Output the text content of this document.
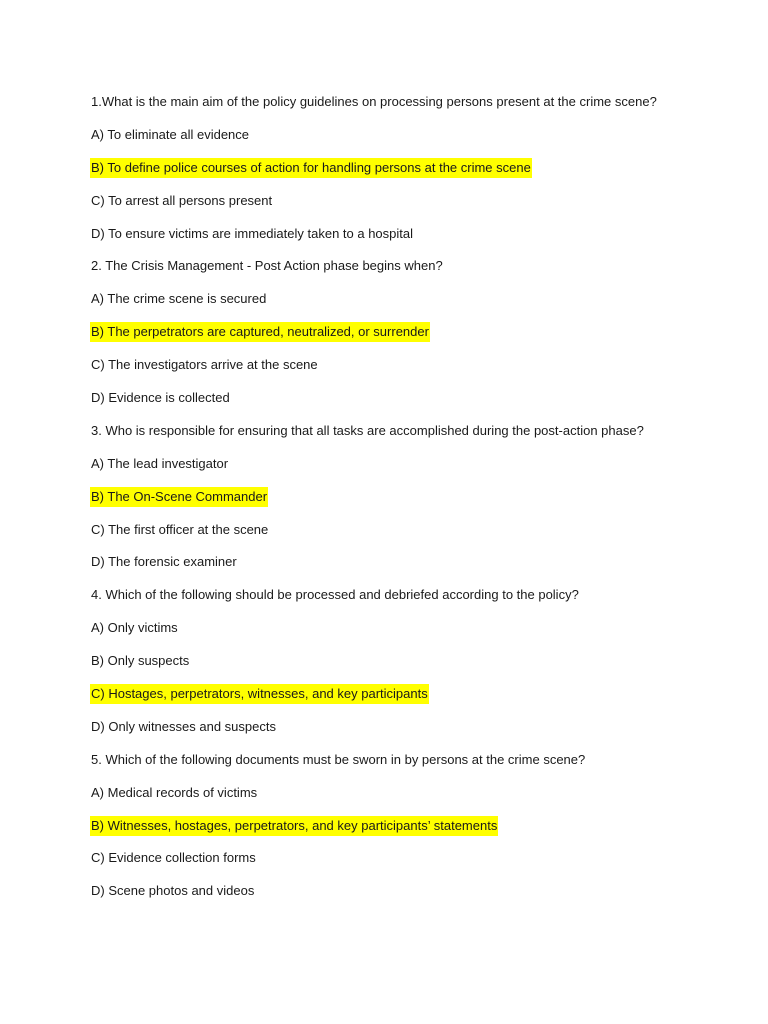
1.What is the main aim of the policy guidelines on processing persons present at the crime scene?
A) To eliminate all evidence
B) To define police courses of action for handling persons at the crime scene
C) To arrest all persons present
D) To ensure victims are immediately taken to a hospital
2. The Crisis Management - Post Action phase begins when?
A) The crime scene is secured
B) The perpetrators are captured, neutralized, or surrender
C) The investigators arrive at the scene
D) Evidence is collected
3. Who is responsible for ensuring that all tasks are accomplished during the post-action phase?
A) The lead investigator
B) The On-Scene Commander
C) The first officer at the scene
D) The forensic examiner
4. Which of the following should be processed and debriefed according to the policy?
A) Only victims
B) Only suspects
C) Hostages, perpetrators, witnesses, and key participants
D) Only witnesses and suspects
5. Which of the following documents must be sworn in by persons at the crime scene?
A) Medical records of victims
B) Witnesses, hostages, perpetrators, and key participants’ statements
C) Evidence collection forms
D) Scene photos and videos
